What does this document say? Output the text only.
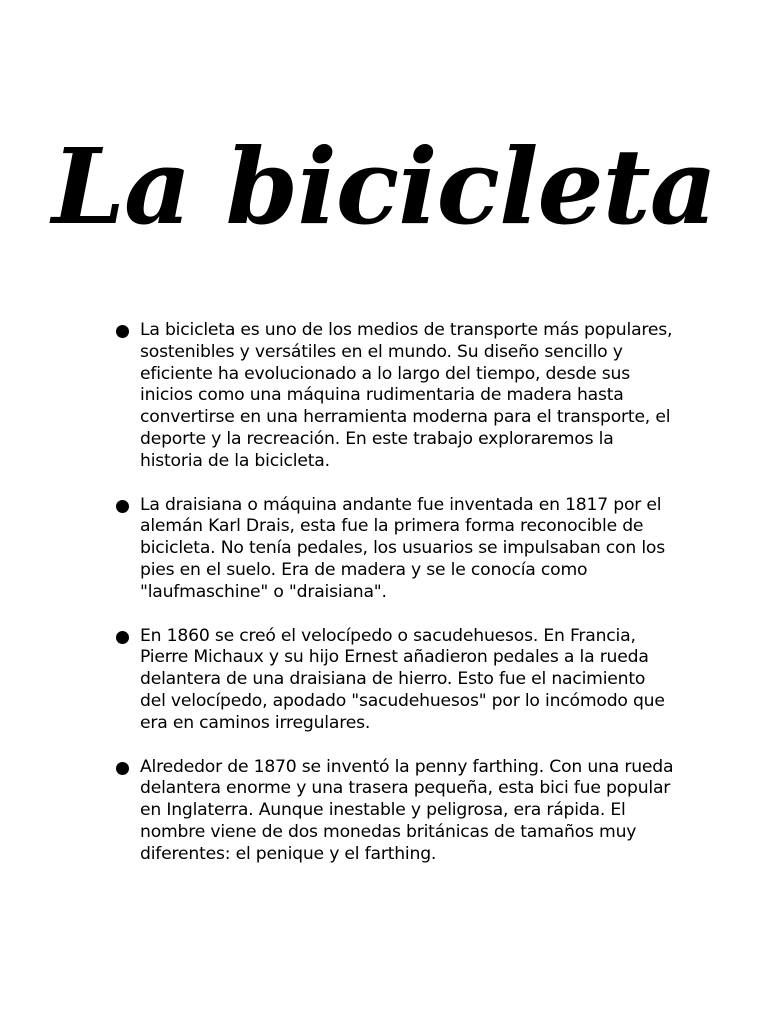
La bicicleta
La bicicleta es uno de los medios de transporte más populares, sostenibles y versátiles en el mundo. Su diseño sencillo y eficiente ha evolucionado a lo largo del tiempo, desde sus inicios como una máquina rudimentaria de madera hasta convertirse en una herramienta moderna para el transporte, el deporte y la recreación. En este trabajo exploraremos la historia de la bicicleta.
La draisiana o máquina andante fue inventada en 1817 por el alemán Karl Drais, esta fue la primera forma reconocible de bicicleta. No tenía pedales, los usuarios se impulsaban con los pies en el suelo. Era de madera y se le conocía como "laufmaschine" o "draisiana".
En 1860 se creó el velocípedo o sacudehuesos. En Francia, Pierre Michaux y su hijo Ernest añadieron pedales a la rueda delantera de una draisiana de hierro. Esto fue el nacimiento del velocípedo, apodado "sacudehuesos" por lo incómodo que era en caminos irregulares.
Alrededor de 1870 se inventó la penny farthing. Con una rueda delantera enorme y una trasera pequeña, esta bici fue popular en Inglaterra. Aunque inestable y peligrosa, era rápida. El nombre viene de dos monedas británicas de tamaños muy diferentes: el penique y el farthing.
